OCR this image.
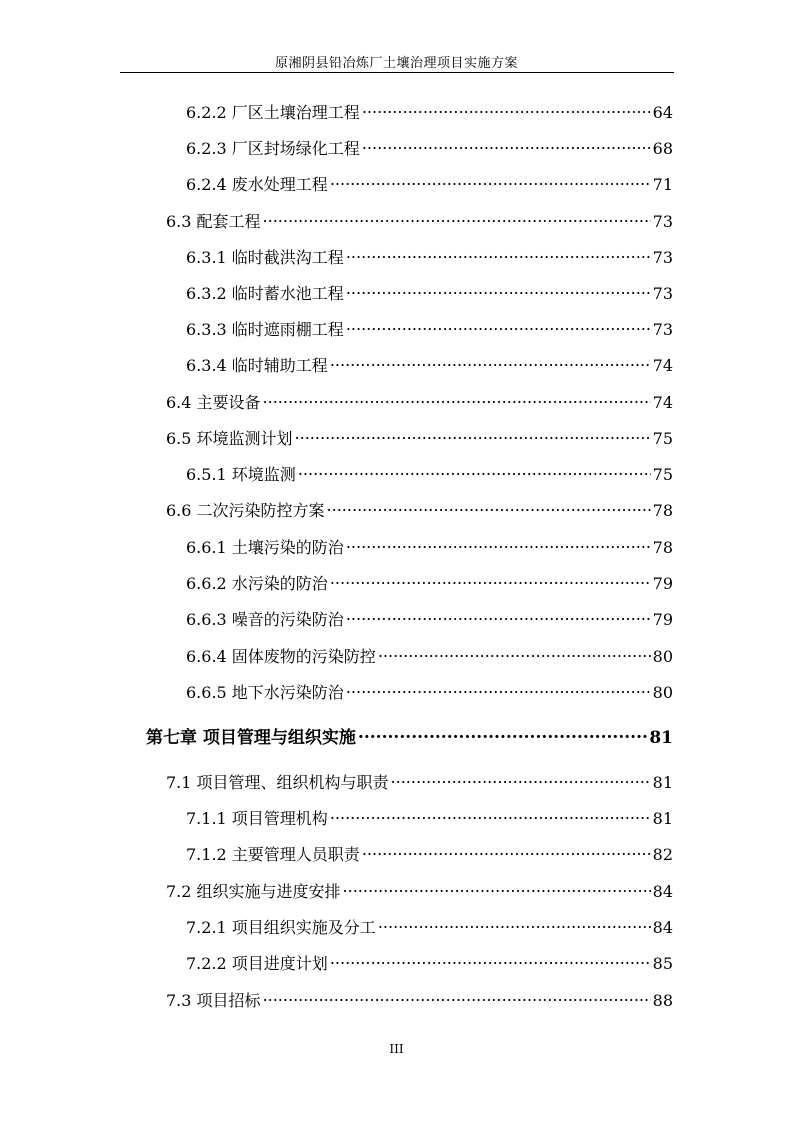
原湘阴县铅冶炼厂土壤治理项目实施方案
6.2.2 厂区土壤治理工程 .....	64
6.2.3 厂区封场绿化工程 .....	68
6.2.4 废水处理工程 .....	71
6.3 配套工程 .....	73
6.3.1 临时截洪沟工程 .....	73
6.3.2 临时蓄水池工程 .....	73
6.3.3 临时遮雨棚工程 .....	73
6.3.4 临时辅助工程 .....	74
6.4 主要设备 .....	74
6.5 环境监测计划 .....	75
6.5.1 环境监测 .....	75
6.6 二次污染防控方案 .....	78
6.6.1 土壤污染的防治 .....	78
6.6.2 水污染的防治 .....	79
6.6.3 噪音的污染防治 .....	79
6.6.4 固体废物的污染防控 .....	80
6.6.5 地下水污染防治 .....	80
第七章 项目管理与组织实施 .....	81
7.1 项目管理、组织机构与职责 .....	81
7.1.1 项目管理机构 .....	81
7.1.2 主要管理人员职责 .....	82
7.2 组织实施与进度安排 .....	84
7.2.1 项目组织实施及分工 .....	84
7.2.2 项目进度计划 .....	85
7.3 项目招标 .....	88
III
